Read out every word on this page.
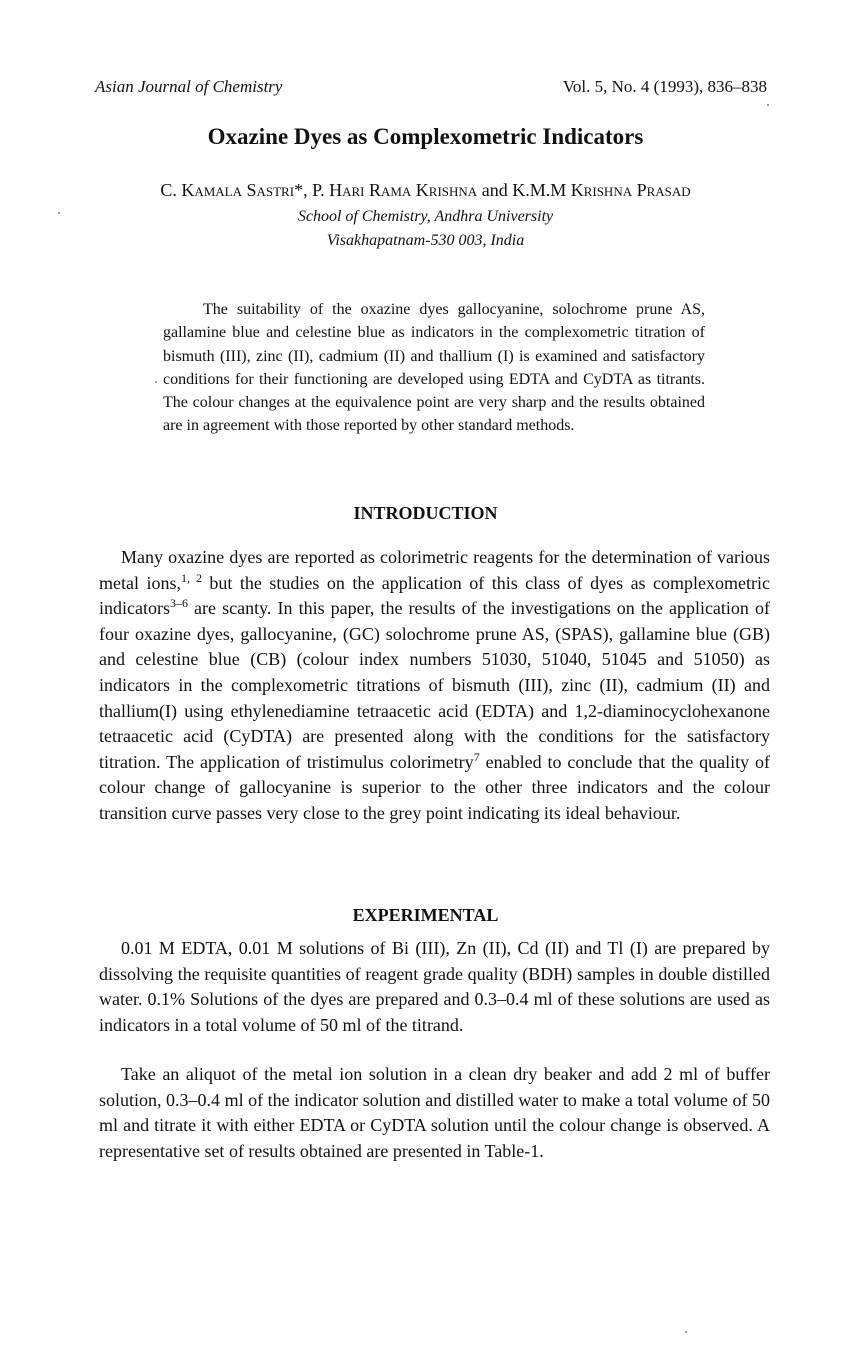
Asian Journal of Chemistry	Vol. 5, No. 4 (1993), 836–838
Oxazine Dyes as Complexometric Indicators
C. Kamala Sastri*, P. Hari Rama Krishna and K.M.M Krishna Prasad
School of Chemistry, Andhra University
Visakhapatnam-530 003, India

The suitability of the oxazine dyes gallocyanine, solochrome prune AS, gallamine blue and celestine blue as indicators in the complexometric titration of bismuth (III), zinc (II), cadmium (II) and thallium (I) is examined and satisfactory conditions for their functioning are developed using EDTA and CyDTA as titrants. The colour changes at the equivalence point are very sharp and the results obtained are in agreement with those reported by other standard methods.

INTRODUCTION

Many oxazine dyes are reported as colorimetric reagents for the determination of various metal ions,$^{1, 2}$ but the studies on the application of this class of dyes as complexometric indicators$^{3-6}$ are scanty. In this paper, the results of the investigations on the application of four oxazine dyes, gallocyanine, (GC) solochrome prune AS, (SPAS), gallamine blue (GB) and celestine blue (CB) (colour index numbers 51030, 51040, 51045 and 51050) as indicators in the complexometric titrations of bismuth (III), zinc (II), cadmium (II) and thallium(I) using ethylenediamine tetraacetic acid (EDTA) and 1,2-diaminocyclohexanone tetraacetic acid (CyDTA) are presented along with the conditions for the satisfactory titration. The application of tristimulus colorimetry$^7$ enabled to conclude that the quality of colour change of gallocyanine is superior to the other three indicators and the colour transition curve passes very close to the grey point indicating its ideal behaviour.

EXPERIMENTAL

0.01 M EDTA, 0.01 M solutions of Bi (III), Zn (II), Cd (II) and Tl (I) are prepared by dissolving the requisite quantities of reagent grade quality (BDH) samples in double distilled water. 0.1% Solutions of the dyes are prepared and 0.3–0.4 ml of these solutions are used as indicators in a total volume of 50 ml of the titrand.

Take an aliquot of the metal ion solution in a clean dry beaker and add 2 ml of buffer solution, 0.3–0.4 ml of the indicator solution and distilled water to make a total volume of 50 ml and titrate it with either EDTA or CyDTA solution until the colour change is observed. A representative set of results obtained are presented in Table-1.
